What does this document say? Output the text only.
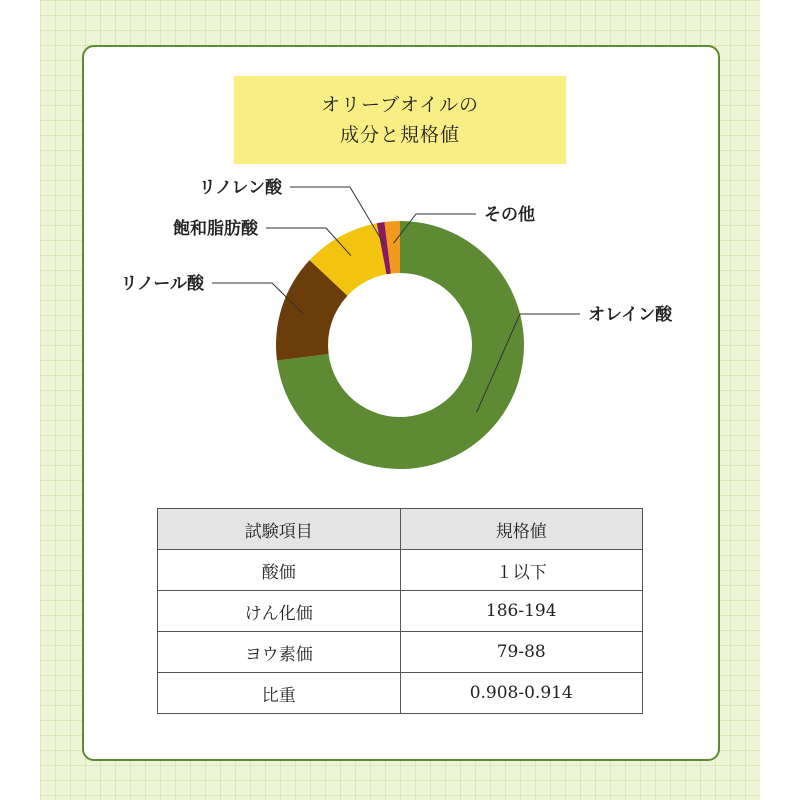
オリーブオイルの
成分と規格値
オレイン酸
リノール酸
飽和脂肪酸
リノレン酸
その他
試験項目	規格値
酸価	１以下
けん化価	186-194
ヨウ素価	79-88
比重	0.908-0.914
